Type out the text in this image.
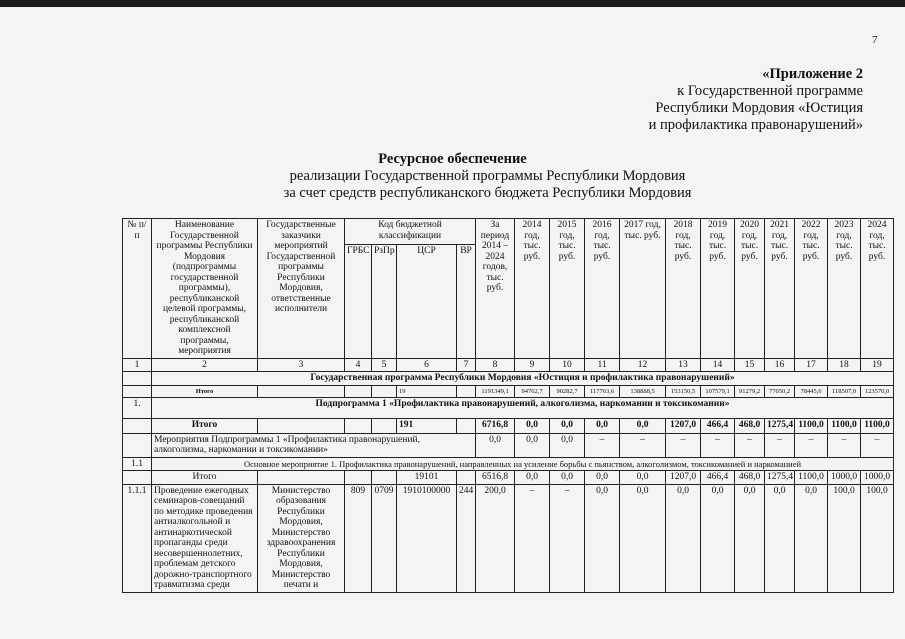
7
«Приложение 2
к Государственной программе
Республики Мордовия «Юстиция
и профилактика правонарушений»
Ресурсное обеспечение
реализации Государственной программы Республики Мордовия
за счет средств республиканского бюджета Республики Мордовия
№ п/п	Наименование Государственной программы Республики Мордовия (подпрограммы государственной программы), республиканской целевой программы, республиканской комплексной программы, мероприятия	Государственные заказчики мероприятий Государственной программы Республики Мордовия, ответственные исполнители	Код бюджетной классификации				За период 2014 – 2024 годов, тыс. руб.	2014 год, тыс. руб.	2015 год, тыс. руб.	2016 год, тыс. руб.	2017 год, тыс. руб.	2018 год, тыс. руб.	2019 год, тыс. руб.	2020 год, тыс. руб.	2021 год, тыс. руб.	2022 год, тыс. руб.	2023 год, тыс. руб.	2024 год, тыс. руб.
			ГРБС	РзПр	ЦСР	ВР												
1	2	3	4	5	6	7	8	9	10	11	12	13	14	15	16	17	18	19
	Государственная программа Республики Мордовия «Юстиция и профилактика правонарушений»																	
	Итого				19		1191349,1	94762,7	90282,7	117763,6	138888,5	153150,5	107579,1	91279,2	77050,2	78445,6	118507,0	123570,0
1.	Подпрограмма 1 «Профилактика правонарушений, алкоголизма, наркомании и токсикомании»																	
	Итого				191		6716,8	0,0	0,0	0,0	0,0	1207,0	466,4	468,0	1275,4	1100,0	1100,0	1100,0
	Мероприятия Подпрограммы 1 «Профилактика правонарушений, алкоголизма, наркомании и токсикомании»						0,0	0,0	0,0	–	–	–	–	–	–	–	–	–
1.1	Основное мероприятие 1. Профилактика правонарушений, направленных на усиление борьбы с пьянством, алкоголизмом, токсикоманией и наркоманией																	
	Итого				19101		6516,8	0,0	0,0	0,0	0,0	1207,0	466,4	468,0	1275,4	1100,0	1000,0	1000,0
1.1.1	Проведение ежегодных семинаров-совещаний по методике проведения антиалкогольной и антинаркотической пропаганды среди несовершеннолетних, проблемам детского дорожно-транспортного травматизма среди	Министерство образования Республики Мордовия, Министерство здравоохранения Республики Мордовия, Министерство печати и	809	0709	1910100000	244	200,0	–	–	0,0	0,0	0,0	0,0	0,0	0,0	0,0	100,0	100,0
